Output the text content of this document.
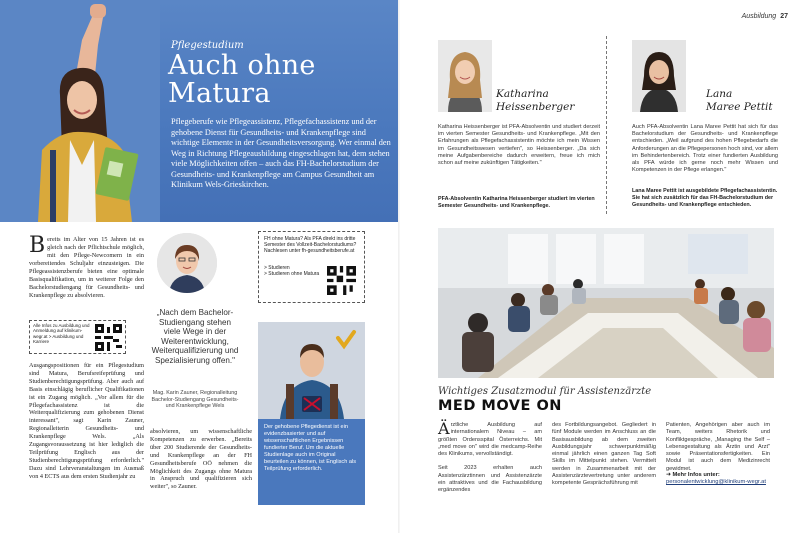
Pflegestudium
Auch ohne
Matura
Pflegeberufe wie Pflegeassistenz, Pflegefachassistenz und der gehobene Dienst für Gesundheits- und Krankenpflege sind wichtige Elemente in der Gesundheitsversorgung. Wer einmal den Weg in Richtung Pflegeausbildung eingeschlagen hat, dem stehen viele Möglichkeiten offen – auch das FH-Bachelorstudium der Gesundheits- und Krankenpflege am Campus Gesundheit am Klinikum Wels-Grieskirchen.
Bereits im Alter von 15 Jahren ist es gleich nach der Pflichtschule möglich, mit den Pflege-Newcomern in ein vorbereitendes Schuljahr einzusteigen. Die Pflegeassistenzberufe bieten eine optimale Basisqualifikation, um in weiterer Folge den Bachelorstudiengang für Gesundheits- und Krankenpflege zu absolvieren.
Alle Infos zu Ausbildung und Anmeldung auf klinikum-wegr.at > Ausbildung und Karriere
Ausgangspositionen für ein Pflegestudium sind Matura, Berufsreifeprüfung und Studienberechtigungsprüfung. Aber auch auf Basis einschlägig beruflicher Qualifikationen ist ein Zugang möglich. „Vor allem für die Pflegefachassistenz ist die Weiterqualifizierung zum gehobenen Dienst interessant", sagt Karin Zauner, Regionalleiterin Gesundheits- und Krankenpflege Wels. „Als Zugangsvoraussetzung ist hier lediglich die Teilprüfung Englisch aus der Studienberechtigungsprüfung erforderlich." Dazu sind Lehrveranstaltungen im Ausmaß von 4 ECTS aus dem ersten Studienjahr zu
„Nach dem Bachelor-Studiengang stehen viele Wege in der Weiterentwicklung, Weiterqualifizierung und Spezialisierung offen."
Mag. Karin Zauner, Regionalleitung Bachelor-Studiengang Gesundheits- und Krankenpflege Wels
absolvieren, um wissenschaftliche Kompetenzen zu erwerben. „Bereits über 200 Studierende der Gesundheits- und Krankenpflege an der FH Gesundheitsberufe OÖ nehmen die Möglichkeit des Zugangs ohne Matura in Anspruch und qualifizieren sich weiter", so Zauner.
FH ohne Matura? Als PFA direkt ins dritte Semester des Vollzeit-Bachelorstudiums? Nachlesen unter fh-gesundheitsberufe.at
> Studieren
> Studieren ohne Matura
Der gehobene Pflegedienst ist ein evidenzbasierter und auf wissenschaftlichen Ergebnissen fundierter Beruf. Um die aktuelle Studienlage auch im Original beurteilen zu können, ist Englisch als Teilprüfung erforderlich.
Ausbildung 27
Katharina
Heissenberger
Katharina Heissenberger ist PFA-Absolventin und studiert derzeit im vierten Semester Gesundheits- und Krankenpflege. „Mit den Erfahrungen als Pflegefachassistentin möchte ich mein Wissen im Gesundheitswesen vertiefen", so Heissenberger. „Da sich meine Aufgabenbereiche dadurch erweitern, freue ich mich schon auf meine zukünftigen Tätigkeiten."
PFA-Absolventin Katharina Heissenberger studiert im vierten Semester Gesundheits- und Krankenpflege.
Lana
Maree Pettit
Auch PFA-Absolventin Lana Maree Pettit hat sich für das Bachelorstudium der Gesundheits- und Krankenpflege entschieden. „Weil aufgrund des hohen Pflegebedarfs die Anforderungen an die Pflegepersonen hoch sind, vor allem im Behindertenbereich. Trotz einer fundierten Ausbildung als PFA würde ich gerne noch mehr Wissen und Kompetenzen in der Pflege erlangen."
Lana Maree Pettit ist ausgebildete Pflegefachassistentin. Sie hat sich zusätzlich für das FH-Bachelorstudium der Gesundheits- und Krankenpflege entschieden.
Wichtiges Zusatzmodul für Assistenzärzte
MED MOVE ON
Ärztliche Ausbildung auf internationalem Niveau – am größten Ordensspital Österreichs. Mit „med move on" wird die medcamp-Reihe des Klinikums, vervollständigt.
Seit 2023 erhalten auch Assistenzärztinnen und Assistenzärzte ein attraktives und die Fachausbildung ergänzendes
des Fortbildungsangebot. Gegliedert in fünf Module werden im Anschluss an die Basisausbildung ab dem zweiten Ausbildungsjahr schwerpunktmäßig einmal jährlich einen ganzen Tag Soft Skills im Mittelpunkt stehen. Vermittelt werden in Zusammenarbeit mit der Assistenzärztevertretung unter anderem kompetente Gesprächsführung mit
Patienten, Angehörigen aber auch im Team, weiters Rhetorik und Konfliktgespräche, „Managing the Self – Lebensgestaltung als Ärztin und Arzt" sowie Präsentationsfertigkeiten. Ein Modul ist auch dem Medizinrecht gewidmet.
➜ Mehr Infos unter:
personalentwicklung@klinikum-wegr.at
